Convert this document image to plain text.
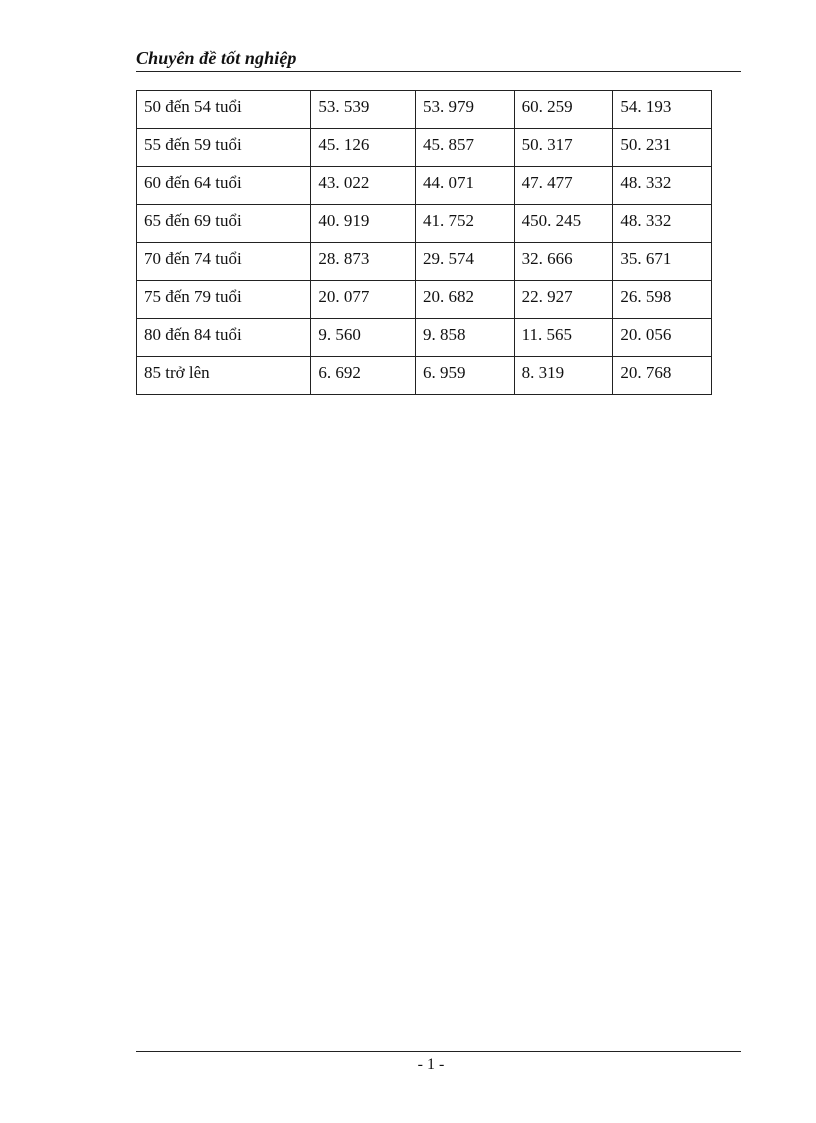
Chuyên đề tốt nghiệp
50 đến 54 tuổi	53. 539	53. 979	60. 259	54. 193
55 đến 59 tuổi	45. 126	45. 857	50. 317	50. 231
60 đến 64 tuổi	43. 022	44. 071	47. 477	48. 332
65 đến 69 tuổi	40. 919	41. 752	450. 245	48. 332
70 đến 74 tuổi	28. 873	29. 574	32. 666	35. 671
75 đến 79 tuổi	20. 077	20. 682	22. 927	26. 598
80 đến 84 tuổi	9. 560	9. 858	11. 565	20. 056
85 trở lên	6. 692	6. 959	8. 319	20. 768
- 1 -
